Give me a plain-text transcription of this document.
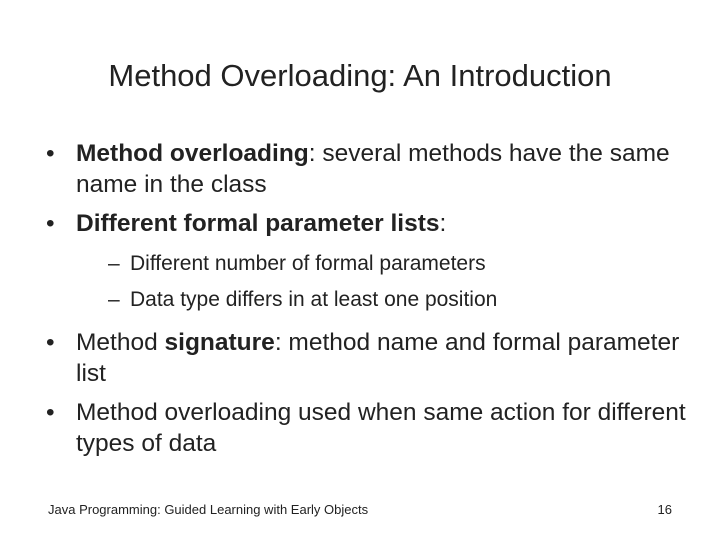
Method Overloading: An Introduction
• Method overloading: several methods have the same name in the class
• Different formal parameter lists:
– Different number of formal parameters
– Data type differs in at least one position
• Method signature: method name and formal parameter list
• Method overloading used when same action for different types of data
Java Programming: Guided Learning with Early Objects	16
